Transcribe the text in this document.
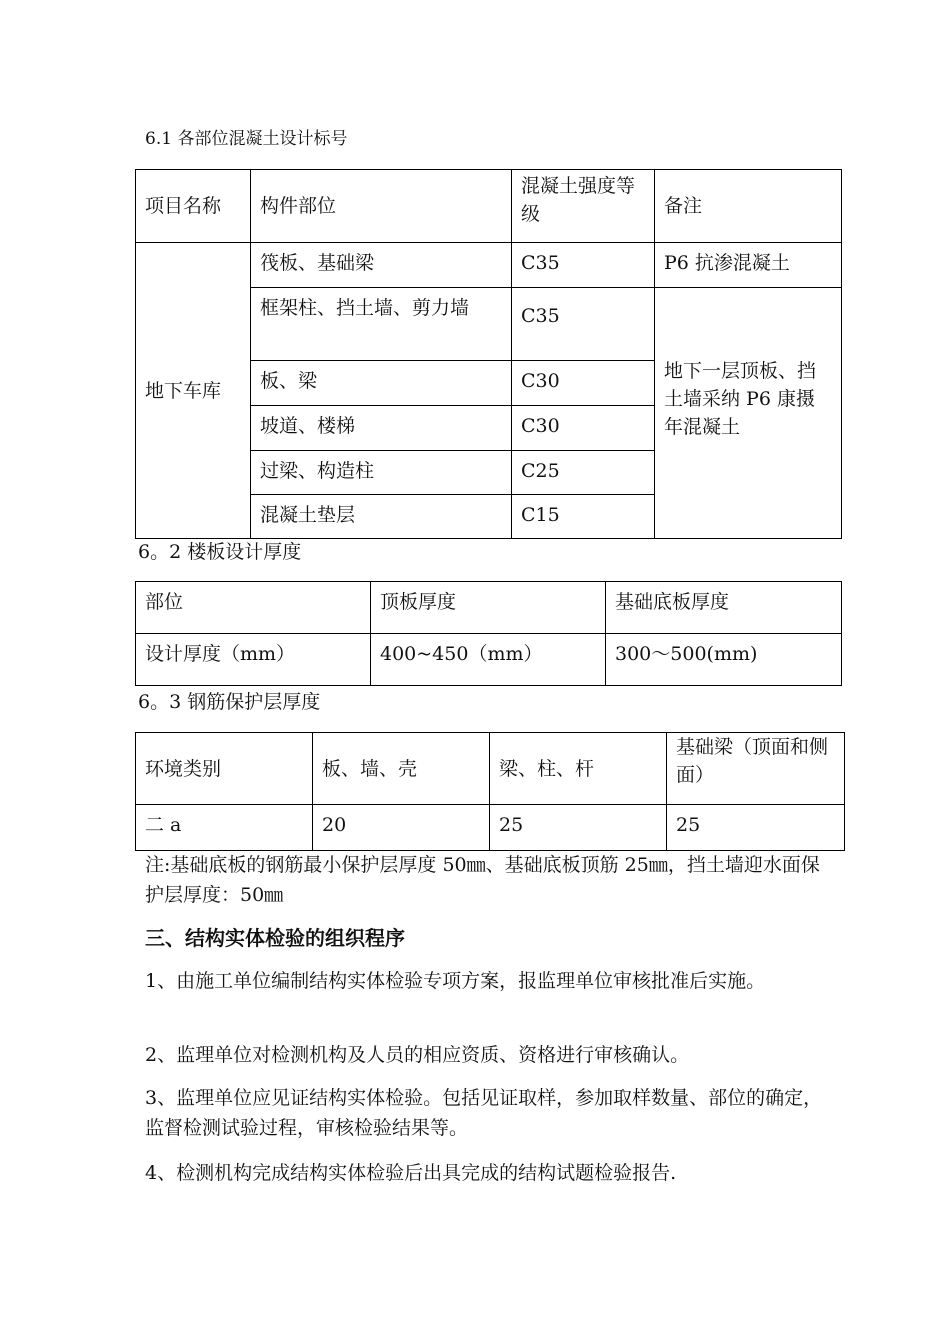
6.1 各部位混凝土设计标号
项目名称	构件部位	混凝土强度等级	备注
地下车库	筏板、基础梁	C35	P6 抗渗混凝土
	框架柱、挡土墙、剪力墙	C35	地下一层顶板、挡土墙采纳 P6 康摄年混凝土
	板、梁	C30	
	坡道、楼梯	C30	
	过梁、构造柱	C25	
	混凝土垫层	C15	
6。2 楼板设计厚度
部位	顶板厚度	基础底板厚度
设计厚度（mm）	400~450（mm）	300～500(mm)
6。3 钢筋保护层厚度
环境类别	板、墙、壳	梁、柱、杆	基础梁（顶面和侧面）
二 a	20	25	25
注:基础底板的钢筋最小保护层厚度 50㎜、基础底板顶筋 25㎜，挡土墙迎水面保护层厚度：50㎜
三、结构实体检验的组织程序
1、由施工单位编制结构实体检验专项方案，报监理单位审核批准后实施。
2、监理单位对检测机构及人员的相应资质、资格进行审核确认。
3、监理单位应见证结构实体检验。包括见证取样，参加取样数量、部位的确定，监督检测试验过程，审核检验结果等。
4、检测机构完成结构实体检验后出具完成的结构试题检验报告.
